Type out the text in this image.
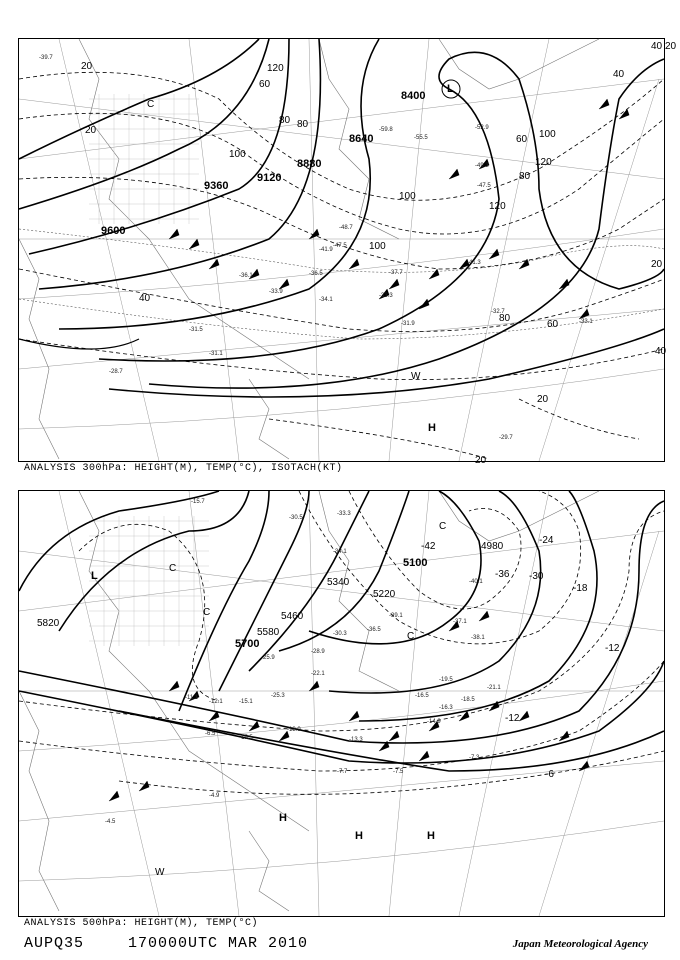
9600
9360
9120
8880
8640
8400
20
40
100
120
80
60
100
120
80
100
120
100
80
60
40
20
40 20
20
60
80
40
20
20
L
C
W
H
-39.7
-55.5
-59.8	-52.9
-49.3
-47.5
-48.7
-47.5
-41.3
-37.7
-36.1
-33.9
-33.3
-31.9
-32.7
-31.5
-34.1
-36.5
-31.1
-28.7
-29.7
-33.1
-41.9
ANALYSIS 300hPa: HEIGHT(M), TEMP(°C), ISOTACH(KT)
5820
5700
5580
5460
5340
5220
5100
4980
-42
-36 -30
-24
-18
-12
-12
-6
L
C
C
C
C
H
H	H
W
-40.1
-37.1
-39.1
-36.5
-38.1
-30.3
-28.9
-22.1
-21.1
-19.5
-18.5
-16.5
-16.3
-14.9
-15.1
-12.1
-11.1
-13.9
-13.3
-7.5
-7.3
-7.7
-4.9
-4.5
-6.5
-15.5
-25.9
-33.3
-34.1
-25.3
-30.5
-15.7
ANALYSIS 500hPa: HEIGHT(M), TEMP(°C)
AUPQ35	170000UTC MAR 2010	Japan Meteorological Agency
